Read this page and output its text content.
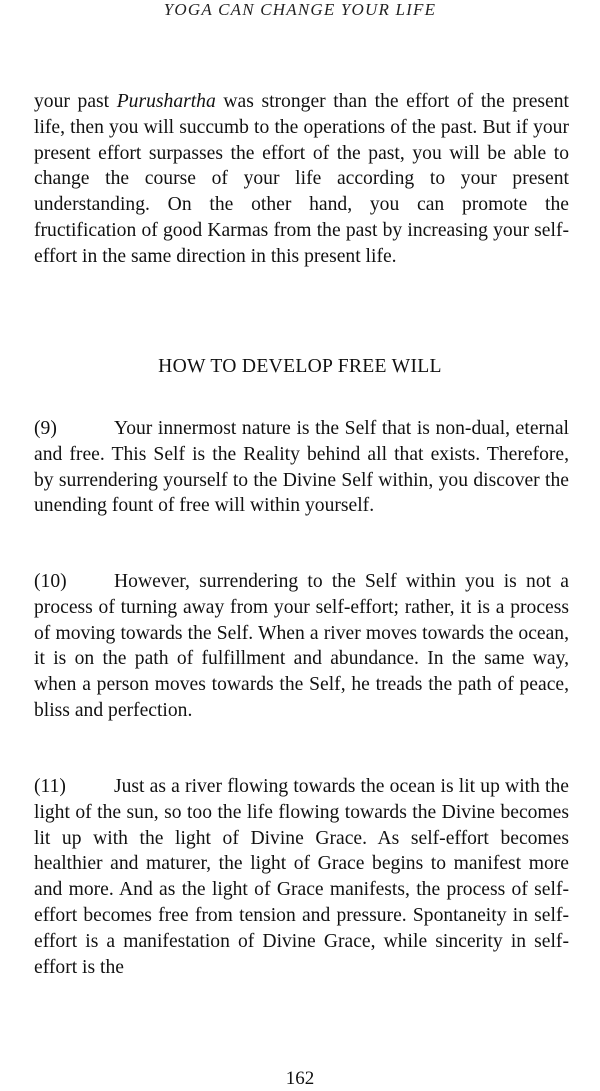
YOGA CAN CHANGE YOUR LIFE

your past Purushartha was stronger than the effort of the present life, then you will succumb to the operations of the past. But if your present effort surpasses the effort of the past, you will be able to change the course of your life according to your present understanding. On the other hand, you can promote the fructification of good Karmas from the past by increasing your self-effort in the same direction in this present life.

HOW TO DEVELOP FREE WILL

(9)	Your innermost nature is the Self that is non-dual, eternal and free. This Self is the Reality behind all that exists. Therefore, by surrendering yourself to the Divine Self within, you discover the unending fount of free will within yourself.

(10) However, surrendering to the Self within you is not a process of turning away from your self-effort; rather, it is a process of moving towards the Self. When a river moves towards the ocean, it is on the path of fulfillment and abundance. In the same way, when a person moves towards the Self, he treads the path of peace, bliss and perfection.

(11) Just as a river flowing towards the ocean is lit up with the light of the sun, so too the life flowing towards the Divine becomes lit up with the light of Divine Grace. As self-effort becomes healthier and maturer, the light of Grace begins to manifest more and more. And as the light of Grace manifests, the process of self-effort becomes free from tension and pressure. Spontaneity in self-effort is a manifestation of Divine Grace, while sincerity in self-effort is the

162
